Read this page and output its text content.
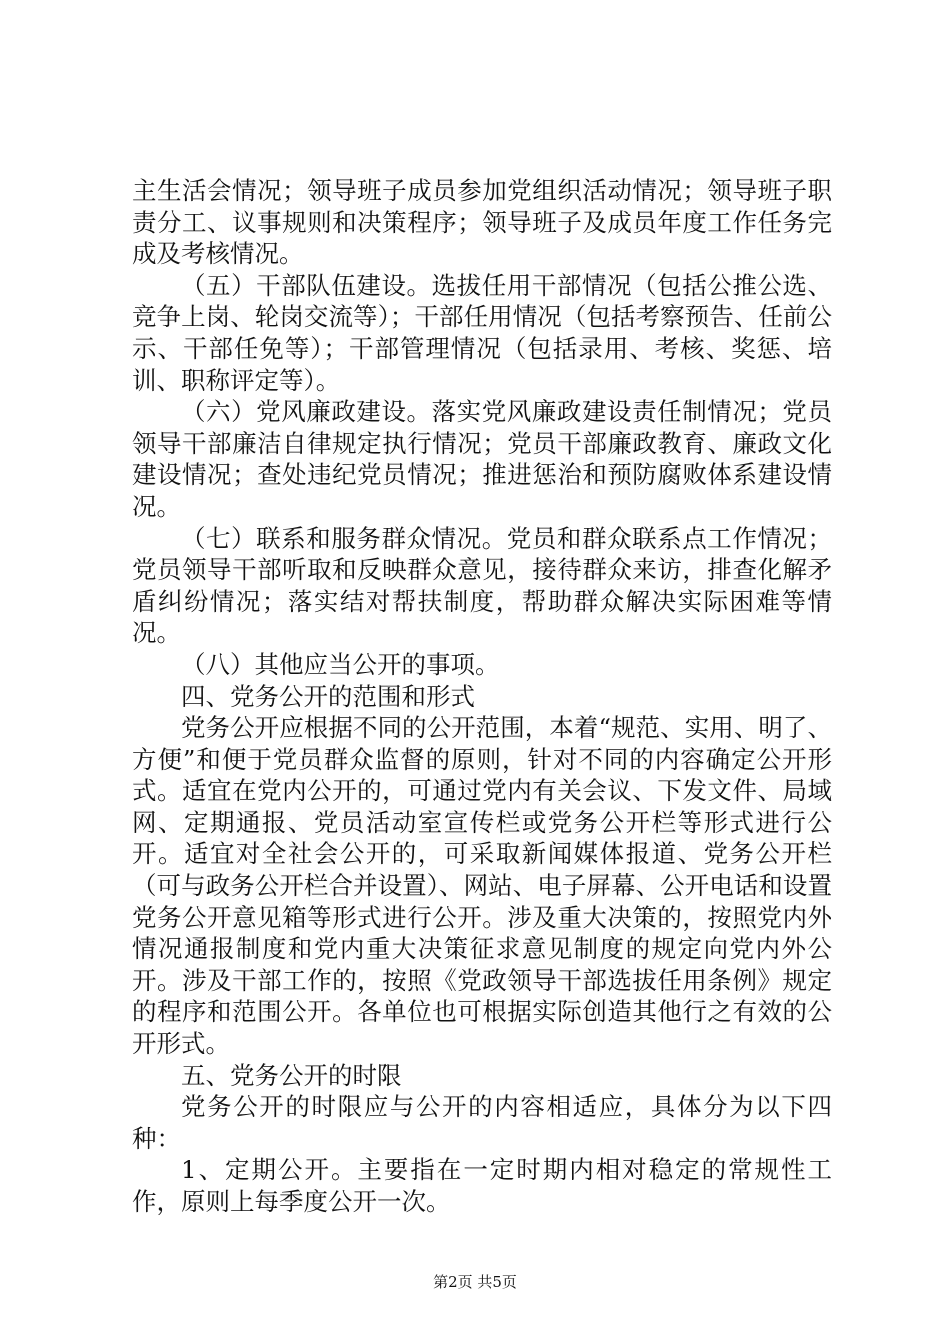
主生活会情况；领导班子成员参加党组织活动情况；领导班子职责分工、议事规则和决策程序；领导班子及成员年度工作任务完成及考核情况。

（五）干部队伍建设。选拔任用干部情况（包括公推公选、竞争上岗、轮岗交流等）；干部任用情况（包括考察预告、任前公示、干部任免等）；干部管理情况（包括录用、考核、奖惩、培训、职称评定等）。

（六）党风廉政建设。落实党风廉政建设责任制情况；党员领导干部廉洁自律规定执行情况；党员干部廉政教育、廉政文化建设情况；查处违纪党员情况；推进惩治和预防腐败体系建设情况。

（七）联系和服务群众情况。党员和群众联系点工作情况；党员领导干部听取和反映群众意见，接待群众来访，排查化解矛盾纠纷情况；落实结对帮扶制度，帮助群众解决实际困难等情况。

（八）其他应当公开的事项。

四、党务公开的范围和形式

党务公开应根据不同的公开范围，本着“规范、实用、明了、方便”和便于党员群众监督的原则，针对不同的内容确定公开形式。适宜在党内公开的，可通过党内有关会议、下发文件、局域网、定期通报、党员活动室宣传栏或党务公开栏等形式进行公开。适宜对全社会公开的，可采取新闻媒体报道、党务公开栏（可与政务公开栏合并设置）、网站、电子屏幕、公开电话和设置党务公开意见箱等形式进行公开。涉及重大决策的，按照党内外情况通报制度和党内重大决策征求意见制度的规定向党内外公开。涉及干部工作的，按照《党政领导干部选拔任用条例》规定的程序和范围公开。各单位也可根据实际创造其他行之有效的公开形式。

五、党务公开的时限

党务公开的时限应与公开的内容相适应，具体分为以下四种：

1、定期公开。主要指在一定时期内相对稳定的常规性工作，原则上每季度公开一次。

第2页 共5页
